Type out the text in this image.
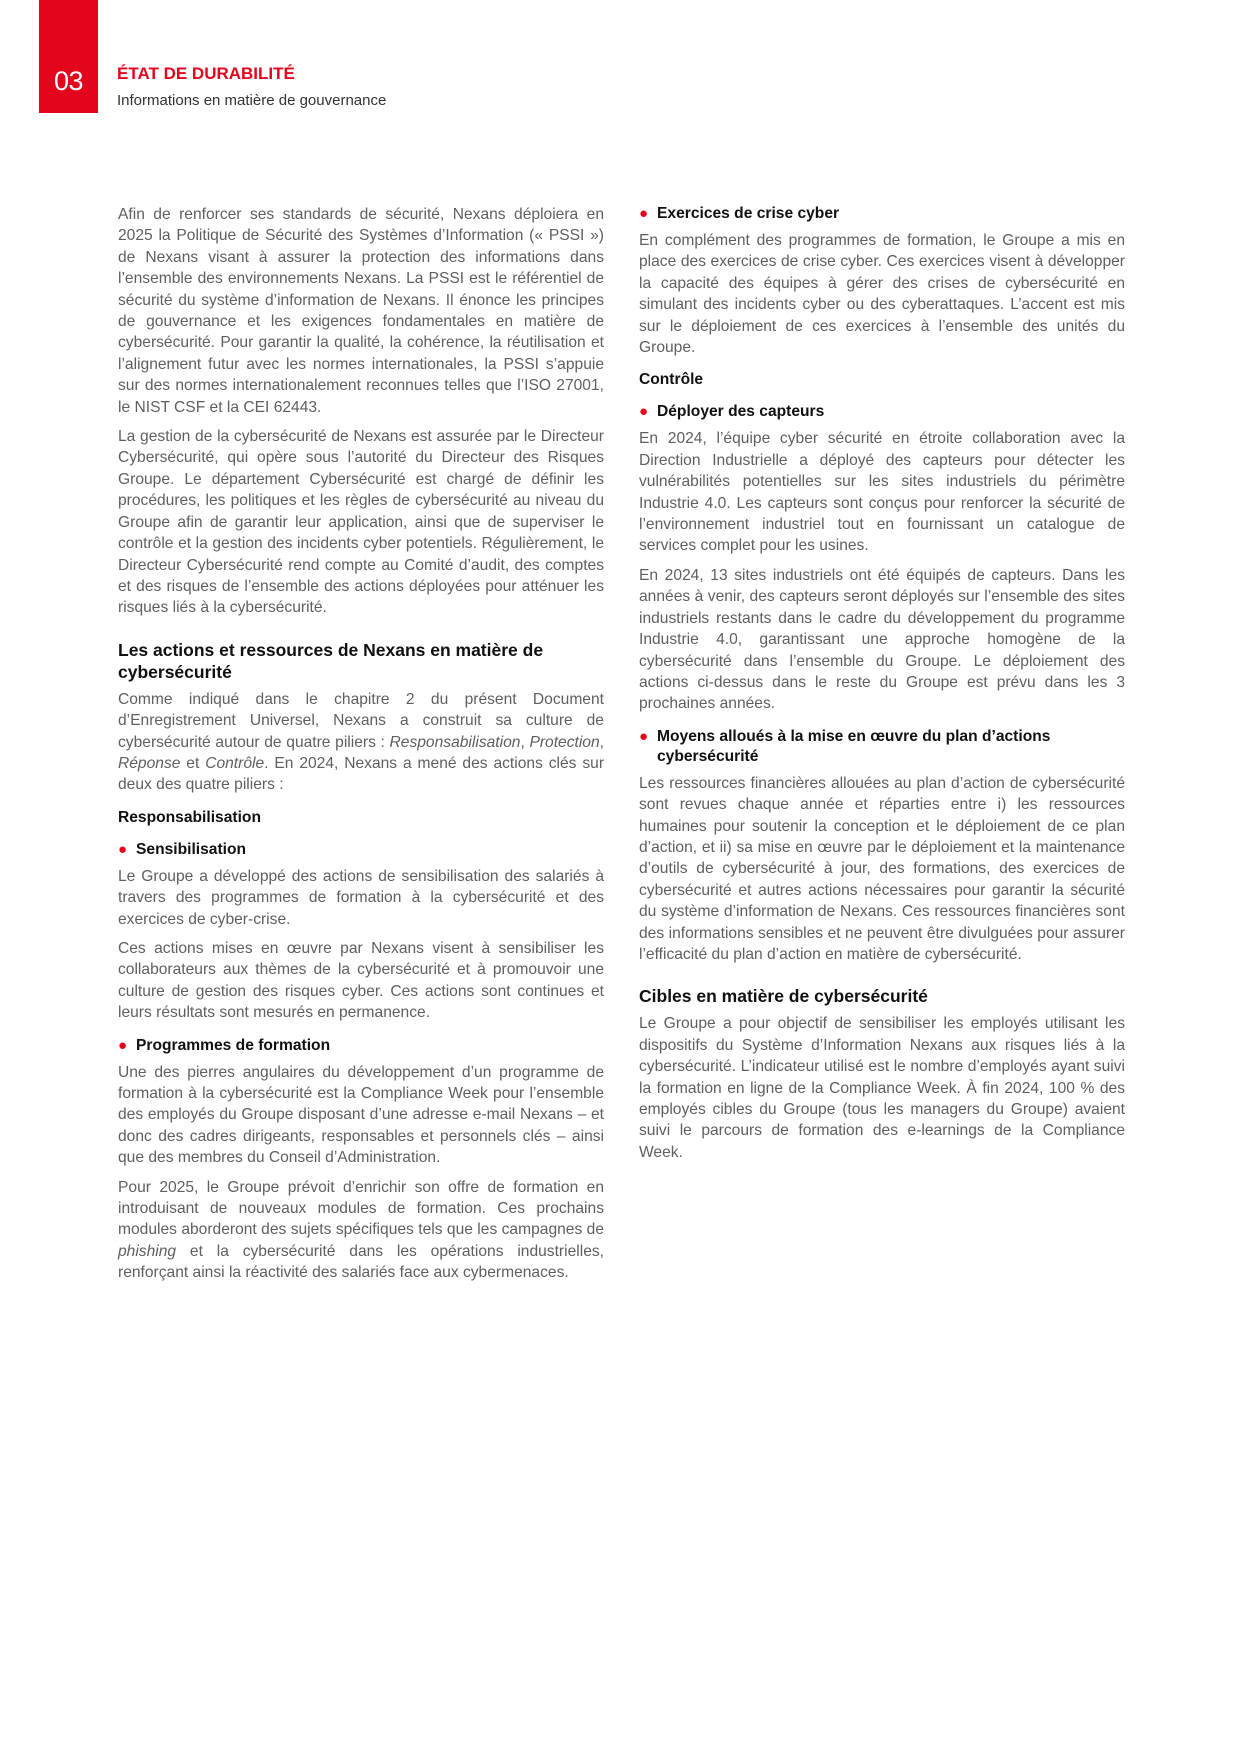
03	ÉTAT DE DURABILITÉ
Informations en matière de gouvernance

Afin de renforcer ses standards de sécurité, Nexans déploiera en 2025 la Politique de Sécurité des Systèmes d’Information (« PSSI ») de Nexans visant à assurer la protection des informations dans l’ensemble des environnements Nexans. La PSSI est le référentiel de sécurité du système d’information de Nexans. Il énonce les principes de gouvernance et les exigences fondamentales en matière de cybersécurité. Pour garantir la qualité, la cohérence, la réutilisation et l’alignement futur avec les normes internationales, la PSSI s’appuie sur des normes internationalement reconnues telles que l’ISO 27001, le NIST CSF et la CEI 62443.

La gestion de la cybersécurité de Nexans est assurée par le Directeur Cybersécurité, qui opère sous l’autorité du Directeur des Risques Groupe. Le département Cybersécurité est chargé de définir les procédures, les politiques et les règles de cybersécurité au niveau du Groupe afin de garantir leur application, ainsi que de superviser le contrôle et la gestion des incidents cyber potentiels. Régulièrement, le Directeur Cybersécurité rend compte au Comité d’audit, des comptes et des risques de l’ensemble des actions déployées pour atténuer les risques liés à la cybersécurité.

Les actions et ressources de Nexans en matière de cybersécurité

Comme indiqué dans le chapitre 2 du présent Document d’Enregistrement Universel, Nexans a construit sa culture de cybersécurité autour de quatre piliers : Responsabilisation, Protection, Réponse et Contrôle. En 2024, Nexans a mené des actions clés sur deux des quatre piliers :

Responsabilisation
● Sensibilisation

Le Groupe a développé des actions de sensibilisation des salariés à travers des programmes de formation à la cybersécurité et des exercices de cyber-crise.

Ces actions mises en œuvre par Nexans visent à sensibiliser les collaborateurs aux thèmes de la cybersécurité et à promouvoir une culture de gestion des risques cyber. Ces actions sont continues et leurs résultats sont mesurés en permanence.

● Programmes de formation

Une des pierres angulaires du développement d’un programme de formation à la cybersécurité est la Compliance Week pour l’ensemble des employés du Groupe disposant d’une adresse e-mail Nexans – et donc des cadres dirigeants, responsables et personnels clés – ainsi que des membres du Conseil d’Administration.

Pour 2025, le Groupe prévoit d’enrichir son offre de formation en introduisant de nouveaux modules de formation. Ces prochains modules aborderont des sujets spécifiques tels que les campagnes de phishing et la cybersécurité dans les opérations industrielles, renforçant ainsi la réactivité des salariés face aux cybermenaces.

● Exercices de crise cyber

En complément des programmes de formation, le Groupe a mis en place des exercices de crise cyber. Ces exercices visent à développer la capacité des équipes à gérer des crises de cybersécurité en simulant des incidents cyber ou des cyberattaques. L’accent est mis sur le déploiement de ces exercices à l’ensemble des unités du Groupe.

Contrôle
● Déployer des capteurs

En 2024, l’équipe cyber sécurité en étroite collaboration avec la Direction Industrielle a déployé des capteurs pour détecter les vulnérabilités potentielles sur les sites industriels du périmètre Industrie 4.0. Les capteurs sont conçus pour renforcer la sécurité de l’environnement industriel tout en fournissant un catalogue de services complet pour les usines.

En 2024, 13 sites industriels ont été équipés de capteurs. Dans les années à venir, des capteurs seront déployés sur l’ensemble des sites industriels restants dans le cadre du développement du programme Industrie 4.0, garantissant une approche homogène de la cybersécurité dans l’ensemble du Groupe. Le déploiement des actions ci-dessus dans le reste du Groupe est prévu dans les 3 prochaines années.

● Moyens alloués à la mise en œuvre du plan d’actions cybersécurité

Les ressources financières allouées au plan d’action de cybersécurité sont revues chaque année et réparties entre i) les ressources humaines pour soutenir la conception et le déploiement de ce plan d’action, et ii) sa mise en œuvre par le déploiement et la maintenance d’outils de cybersécurité à jour, des formations, des exercices de cybersécurité et autres actions nécessaires pour garantir la sécurité du système d’information de Nexans. Ces ressources financières sont des informations sensibles et ne peuvent être divulguées pour assurer l’efficacité du plan d’action en matière de cybersécurité.

Cibles en matière de cybersécurité

Le Groupe a pour objectif de sensibiliser les employés utilisant les dispositifs du Système d’Information Nexans aux risques liés à la cybersécurité. L’indicateur utilisé est le nombre d’employés ayant suivi la formation en ligne de la Compliance Week. À fin 2024, 100 % des employés cibles du Groupe (tous les managers du Groupe) avaient suivi le parcours de formation des e-learnings de la Compliance Week.
